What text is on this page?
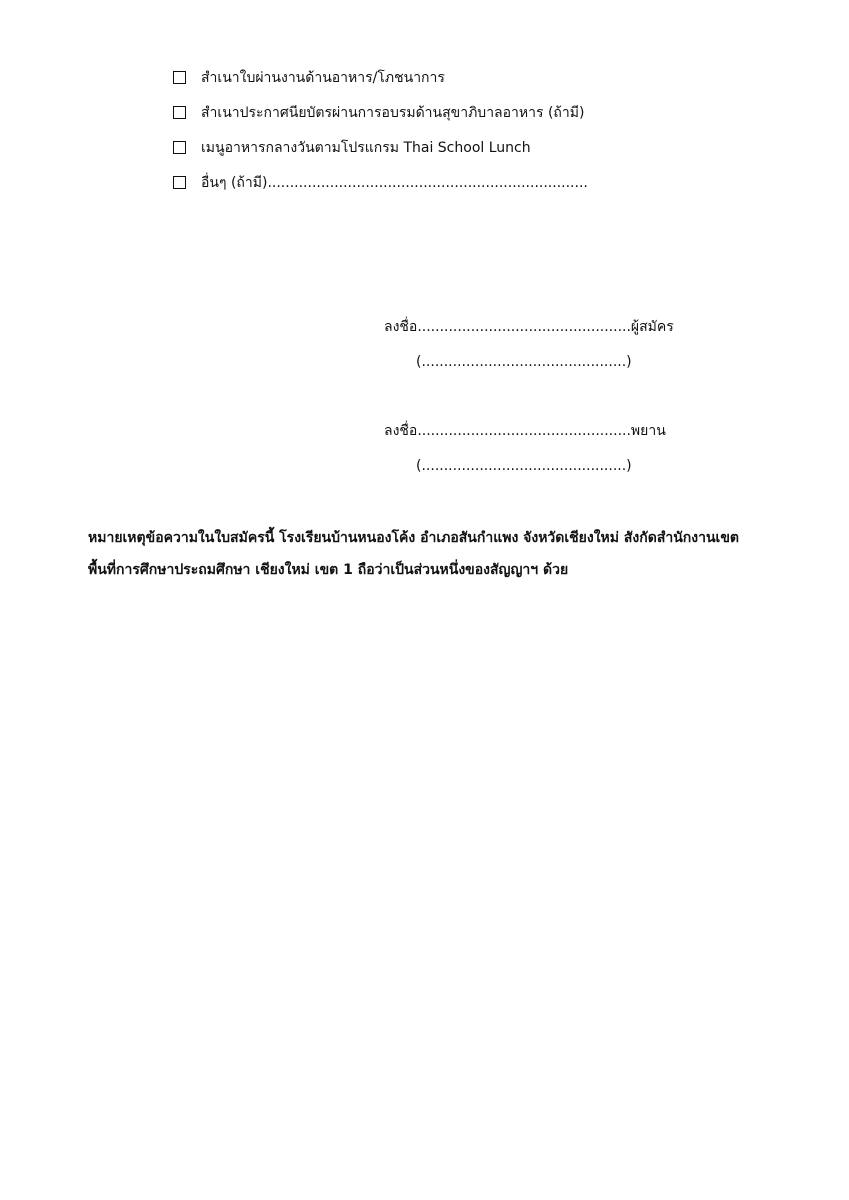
สำเนาใบผ่านงานด้านอาหาร/โภชนาการ
สำเนาประกาศนียบัตรผ่านการอบรมด้านสุขาภิบาลอาหาร (ถ้ามี)
เมนูอาหารกลางวันตามโปรแกรม Thai School Lunch
อื่นๆ (ถ้ามี)........................................................................
ลงชื่อ................................................ผู้สมัคร
(..............................................)
ลงชื่อ................................................พยาน
(..............................................)

หมายเหตุข้อความในใบสมัครนี้ โรงเรียนบ้านหนองโค้ง อำเภอสันกำแพง จังหวัดเชียงใหม่ สังกัดสำนักงานเขต

พื้นที่การศึกษาประถมศึกษา เชียงใหม่ เขต 1 ถือว่าเป็นส่วนหนึ่งของสัญญาฯ ด้วย
